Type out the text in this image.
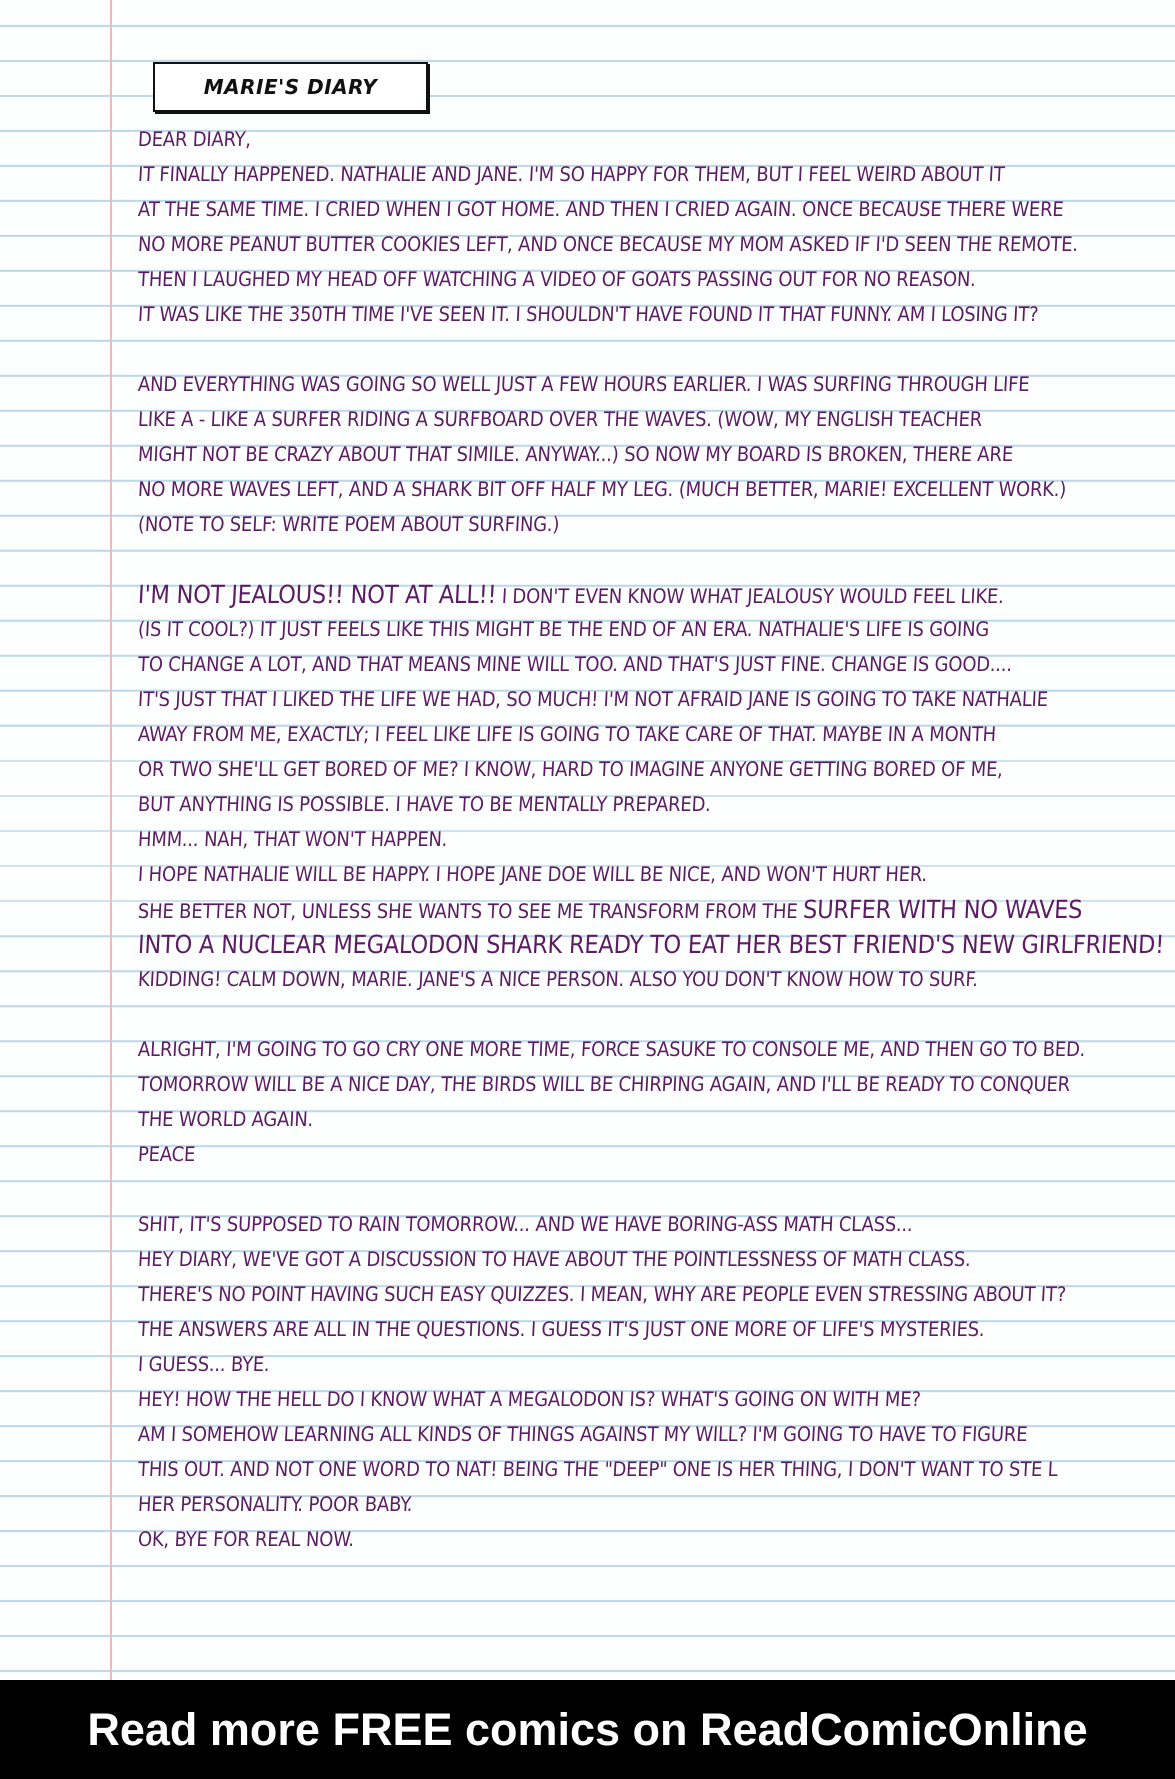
MARIE'S DIARY
DEAR DIARY,
IT FINALLY HAPPENED. NATHALIE AND JANE. I'M SO HAPPY FOR THEM, BUT I FEEL WEIRD ABOUT IT
AT THE SAME TIME. I CRIED WHEN I GOT HOME. AND THEN I CRIED AGAIN. ONCE BECAUSE THERE WERE
NO MORE PEANUT BUTTER COOKIES LEFT, AND ONCE BECAUSE MY MOM ASKED IF I'D SEEN THE REMOTE.
THEN I LAUGHED MY HEAD OFF WATCHING A VIDEO OF GOATS PASSING OUT FOR NO REASON.
IT WAS LIKE THE 350TH TIME I'VE SEEN IT. I SHOULDN'T HAVE FOUND IT THAT FUNNY. AM I LOSING IT?
AND EVERYTHING WAS GOING SO WELL JUST A FEW HOURS EARLIER. I WAS SURFING THROUGH LIFE
LIKE A - LIKE A SURFER RIDING A SURFBOARD OVER THE WAVES. (WOW, MY ENGLISH TEACHER
MIGHT NOT BE CRAZY ABOUT THAT SIMILE. ANYWAY...) SO NOW MY BOARD IS BROKEN, THERE ARE
NO MORE WAVES LEFT, AND A SHARK BIT OFF HALF MY LEG. (MUCH BETTER, MARIE! EXCELLENT WORK.)
(NOTE TO SELF: WRITE POEM ABOUT SURFING.)
I'M NOT JEALOUS!! NOT AT ALL!! I DON'T EVEN KNOW WHAT JEALOUSY WOULD FEEL LIKE.
(IS IT COOL?) IT JUST FEELS LIKE THIS MIGHT BE THE END OF AN ERA. NATHALIE'S LIFE IS GOING
TO CHANGE A LOT, AND THAT MEANS MINE WILL TOO. AND THAT'S JUST FINE. CHANGE IS GOOD....
IT'S JUST THAT I LIKED THE LIFE WE HAD, SO MUCH! I'M NOT AFRAID JANE IS GOING TO TAKE NATHALIE
AWAY FROM ME, EXACTLY; I FEEL LIKE LIFE IS GOING TO TAKE CARE OF THAT. MAYBE IN A MONTH
OR TWO SHE'LL GET BORED OF ME? I KNOW, HARD TO IMAGINE ANYONE GETTING BORED OF ME,
BUT ANYTHING IS POSSIBLE. I HAVE TO BE MENTALLY PREPARED.
HMM... NAH, THAT WON'T HAPPEN.
I HOPE NATHALIE WILL BE HAPPY. I HOPE JANE DOE WILL BE NICE, AND WON'T HURT HER.
SHE BETTER NOT, UNLESS SHE WANTS TO SEE ME TRANSFORM FROM THE SURFER WITH NO WAVES
INTO A NUCLEAR MEGALODON SHARK READY TO EAT HER BEST FRIEND'S NEW GIRLFRIEND!
KIDDING! CALM DOWN, MARIE. JANE'S A NICE PERSON. ALSO YOU DON'T KNOW HOW TO SURF.
ALRIGHT, I'M GOING TO GO CRY ONE MORE TIME, FORCE SASUKE TO CONSOLE ME, AND THEN GO TO BED.
TOMORROW WILL BE A NICE DAY, THE BIRDS WILL BE CHIRPING AGAIN, AND I'LL BE READY TO CONQUER
THE WORLD AGAIN.
PEACE
SHIT, IT'S SUPPOSED TO RAIN TOMORROW... AND WE HAVE BORING-ASS MATH CLASS...
HEY DIARY, WE'VE GOT A DISCUSSION TO HAVE ABOUT THE POINTLESSNESS OF MATH CLASS.
THERE'S NO POINT HAVING SUCH EASY QUIZZES. I MEAN, WHY ARE PEOPLE EVEN STRESSING ABOUT IT?
THE ANSWERS ARE ALL IN THE QUESTIONS. I GUESS IT'S JUST ONE MORE OF LIFE'S MYSTERIES.
I GUESS... BYE.
HEY! HOW THE HELL DO I KNOW WHAT A MEGALODON IS? WHAT'S GOING ON WITH ME?
AM I SOMEHOW LEARNING ALL KINDS OF THINGS AGAINST MY WILL? I'M GOING TO HAVE TO FIGURE
THIS OUT. AND NOT ONE WORD TO NAT! BEING THE "DEEP" ONE IS HER THING, I DON'T WANT TO STE L
HER PERSONALITY. POOR BABY.
OK, BYE FOR REAL NOW.
Read more FREE comics on ReadComicOnline
